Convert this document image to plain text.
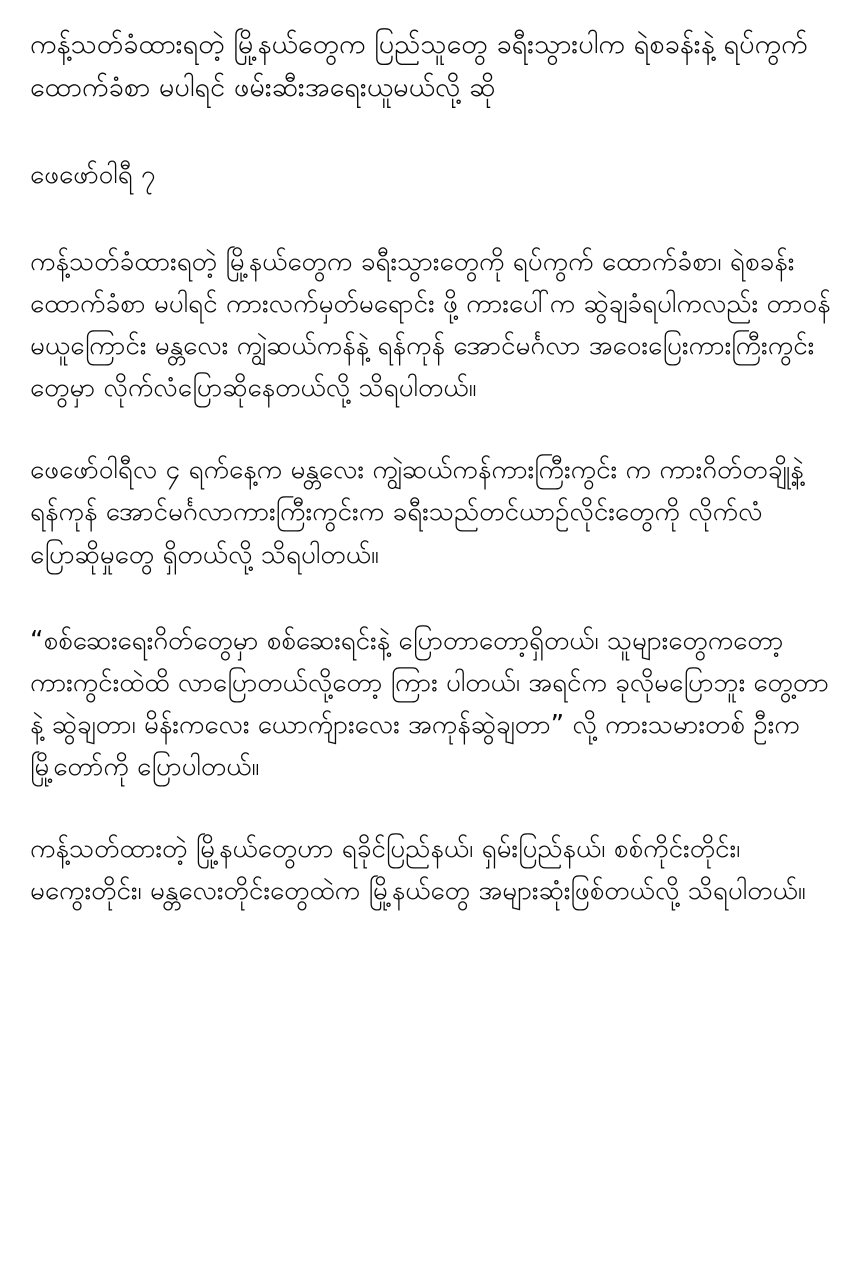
ကန့်သတ်ခံထားရတဲ့ မြို့နယ်တွေက ပြည်သူတွေ ခရီးသွားပါက ရဲစခန်းနဲ့ ရပ်ကွက်ထောက်ခံစာ မပါရင် ဖမ်းဆီးအရေးယူမယ်လို့ ဆို

ဖေဖော်ဝါရီ ၇

ကန့်သတ်ခံထားရတဲ့ မြို့နယ်တွေက ခရီးသွားတွေကို ရပ်ကွက် ထောက်ခံစာ၊ ရဲစခန်းထောက်ခံစာ မပါရင် ကားလက်မှတ်မရောင်း ဖို့ ကားပေါ်က ဆွဲချခံရပါကလည်း တာဝန်မယူကြောင်း မန္တလေး ကျွဲဆယ်ကန်နဲ့ ရန်ကုန် အောင်မင်္ဂလာ အဝေးပြေးကားကြီးကွင်း တွေမှာ လိုက်လံပြောဆိုနေတယ်လို့ သိရပါတယ်။

ဖေဖော်ဝါရီလ ၄ ရက်နေ့က မန္တလေး ကျွဲဆယ်ကန်ကားကြီးကွင်း က ကားဂိတ်တချို့နဲ့ ရန်ကုန် အောင်မင်္ဂလာကားကြီးကွင်းက ခရီးသည်တင်ယာဉ်လိုင်းတွေကို လိုက်လံပြောဆိုမှုတွေ ရှိတယ်လို့ သိရပါတယ်။

“စစ်ဆေးရေးဂိတ်တွေမှာ စစ်ဆေးရင်းနဲ့ ပြောတာတော့ရှိတယ်၊ သူများတွေကတော့ ကားကွင်းထဲထိ လာပြောတယ်လို့တော့ ကြား ပါတယ်၊ အရင်က ခုလိုမပြောဘူး တွေ့တာနဲ့ ဆွဲချတာ၊ မိန်းကလေး ယောက်ျားလေး အကုန်ဆွဲချတာ” လို့ ကားသမားတစ် ဦးက မြို့တော်ကို ပြောပါတယ်။

ကန့်သတ်ထားတဲ့ မြို့နယ်တွေဟာ ရခိုင်ပြည်နယ်၊ ရှမ်းပြည်နယ်၊ စစ်ကိုင်းတိုင်း၊ မကွေးတိုင်း၊ မန္တလေးတိုင်းတွေထဲက မြို့နယ်တွေ အများဆုံးဖြစ်တယ်လို့ သိရပါတယ်။
